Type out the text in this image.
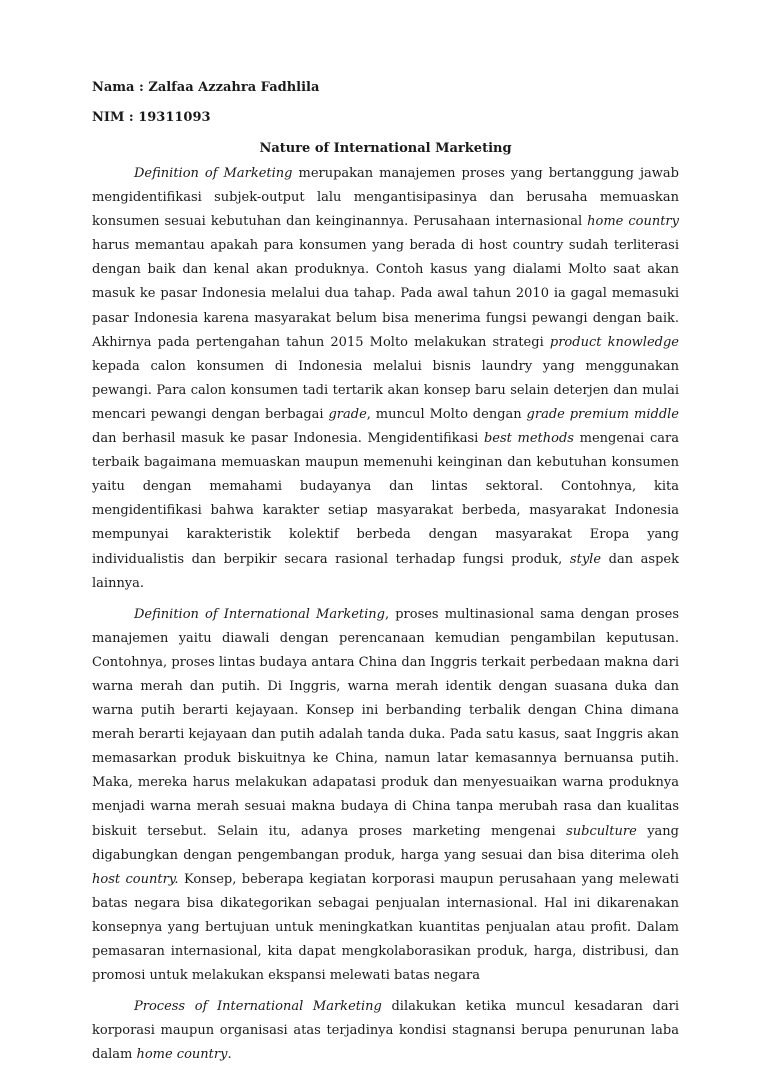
Nama : Zalfaa Azzahra Fadhlila

NIM : 19311093

Nature of International Marketing

Definition of Marketing merupakan manajemen proses yang bertanggung jawab mengidentifikasi subjek-output lalu mengantisipasinya dan berusaha memuaskan konsumen sesuai kebutuhan dan keinginannya. Perusahaan internasional home country harus memantau apakah para konsumen yang berada di host country sudah terliterasi dengan baik dan kenal akan produknya. Contoh kasus yang dialami Molto saat akan masuk ke pasar Indonesia melalui dua tahap. Pada awal tahun 2010 ia gagal memasuki pasar Indonesia karena masyarakat belum bisa menerima fungsi pewangi dengan baik. Akhirnya pada pertengahan tahun 2015 Molto melakukan strategi product knowledge kepada calon konsumen di Indonesia melalui bisnis laundry yang menggunakan pewangi. Para calon konsumen tadi tertarik akan konsep baru selain deterjen dan mulai mencari pewangi dengan berbagai grade, muncul Molto dengan grade premium middle dan berhasil masuk ke pasar Indonesia. Mengidentifikasi best methods mengenai cara terbaik bagaimana memuaskan maupun memenuhi keinginan dan kebutuhan konsumen yaitu dengan memahami budayanya dan lintas sektoral. Contohnya, kita mengidentifikasi bahwa karakter setiap masyarakat berbeda, masyarakat Indonesia mempunyai karakteristik kolektif berbeda dengan masyarakat Eropa yang individualistis dan berpikir secara rasional terhadap fungsi produk, style dan aspek lainnya.

Definition of International Marketing, proses multinasional sama dengan proses manajemen yaitu diawali dengan perencanaan kemudian pengambilan keputusan. Contohnya, proses lintas budaya antara China dan Inggris terkait perbedaan makna dari warna merah dan putih. Di Inggris, warna merah identik dengan suasana duka dan warna putih berarti kejayaan. Konsep ini berbanding terbalik dengan China dimana merah berarti kejayaan dan putih adalah tanda duka. Pada satu kasus, saat Inggris akan memasarkan produk biskuitnya ke China, namun latar kemasannya bernuansa putih. Maka, mereka harus melakukan adapatasi produk dan menyesuaikan warna produknya menjadi warna merah sesuai makna budaya di China tanpa merubah rasa dan kualitas biskuit tersebut. Selain itu, adanya proses marketing mengenai subculture yang digabungkan dengan pengembangan produk, harga yang sesuai dan bisa diterima oleh host country. Konsep, beberapa kegiatan korporasi maupun perusahaan yang melewati batas negara bisa dikategorikan sebagai penjualan internasional. Hal ini dikarenakan konsepnya yang bertujuan untuk meningkatkan kuantitas penjualan atau profit. Dalam pemasaran internasional, kita dapat mengkolaborasikan produk, harga, distribusi, dan promosi untuk melakukan ekspansi melewati batas negara

Process of International Marketing dilakukan ketika muncul kesadaran dari korporasi maupun organisasi atas terjadinya kondisi stagnansi berupa penurunan laba dalam home country.
